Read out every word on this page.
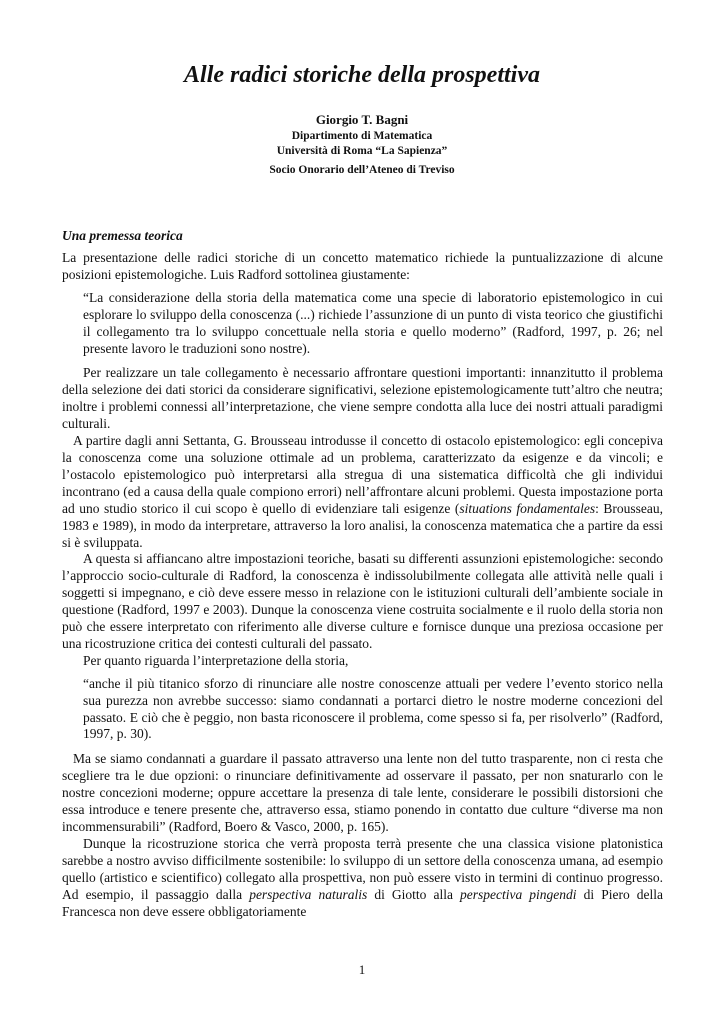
Alle radici storiche della prospettiva
Giorgio T. Bagni
Dipartimento di Matematica
Università di Roma “La Sapienza”
Socio Onorario dell’Ateneo di Treviso
Una premessa teorica

La presentazione delle radici storiche di un concetto matematico richiede la puntualizzazione di alcune posizioni epistemologiche. Luis Radford sottolinea giustamente:

“La considerazione della storia della matematica come una specie di laboratorio epistemologico in cui esplorare lo sviluppo della conoscenza (...) richiede l’assunzione di un punto di vista teorico che giustifichi il collegamento tra lo sviluppo concettuale nella storia e quello moderno” (Radford, 1997, p. 26; nel presente lavoro le traduzioni sono nostre).

Per realizzare un tale collegamento è necessario affrontare questioni importanti: innanzitutto il problema della selezione dei dati storici da considerare significativi, selezione epistemologicamente tutt’altro che neutra; inoltre i problemi connessi all’interpretazione, che viene sempre condotta alla luce dei nostri attuali paradigmi culturali.

A partire dagli anni Settanta, G. Brousseau introdusse il concetto di ostacolo epistemologico: egli concepiva la conoscenza come una soluzione ottimale ad un problema, caratterizzato da esigenze e da vincoli; e l’ostacolo epistemologico può interpretarsi alla stregua di una sistematica difficoltà che gli individui incontrano (ed a causa della quale compiono errori) nell’affrontare alcuni problemi. Questa impostazione porta ad uno studio storico il cui scopo è quello di evidenziare tali esigenze (situations fondamentales: Brousseau, 1983 e 1989), in modo da interpretare, attraverso la loro analisi, la conoscenza matematica che a partire da essi si è sviluppata.

A questa si affiancano altre impostazioni teoriche, basati su differenti assunzioni epistemologiche: secondo l’approccio socio-culturale di Radford, la conoscenza è indissolubilmente collegata alle attività nelle quali i soggetti si impegnano, e ciò deve essere messo in relazione con le istituzioni culturali dell’ambiente sociale in questione (Radford, 1997 e 2003). Dunque la conoscenza viene costruita socialmente e il ruolo della storia non può che essere interpretato con riferimento alle diverse culture e fornisce dunque una preziosa occasione per una ricostruzione critica dei contesti culturali del passato.

Per quanto riguarda l’interpretazione della storia,

“anche il più titanico sforzo di rinunciare alle nostre conoscenze attuali per vedere l’evento storico nella sua purezza non avrebbe successo: siamo condannati a portarci dietro le nostre moderne concezioni del passato. E ciò che è peggio, non basta riconoscere il problema, come spesso si fa, per risolverlo” (Radford, 1997, p. 30).

Ma se siamo condannati a guardare il passato attraverso una lente non del tutto trasparente, non ci resta che scegliere tra le due opzioni: o rinunciare definitivamente ad osservare il passato, per non snaturarlo con le nostre concezioni moderne; oppure accettare la presenza di tale lente, considerare le possibili distorsioni che essa introduce e tenere presente che, attraverso essa, stiamo ponendo in contatto due culture “diverse ma non incommensurabili” (Radford, Boero & Vasco, 2000, p. 165).

Dunque la ricostruzione storica che verrà proposta terrà presente che una classica visione platonistica sarebbe a nostro avviso difficilmente sostenibile: lo sviluppo di un settore della conoscenza umana, ad esempio quello (artistico e scientifico) collegato alla prospettiva, non può essere visto in termini di continuo progresso. Ad esempio, il passaggio dalla perspectiva naturalis di Giotto alla perspectiva pingendi di Piero della Francesca non deve essere obbligatoriamente

1
